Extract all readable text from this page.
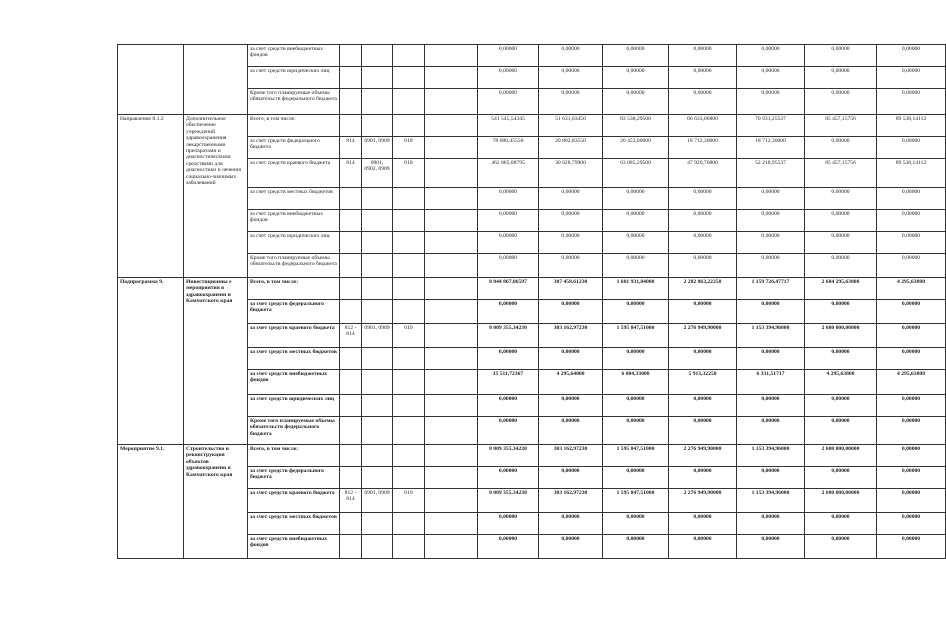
		за счет средств внебюджетных фондов					0,00000	0,00000	0,00000	0,00000	0,00000	0,00000	0,00000	
		за счет средств юридических лиц					0,00000	0,00000	0,00000	0,00000	0,00000	0,00000	0,00000	
		Кроме того планируемые объемы обязательств федерального бюджета					0,00000	0,00000	0,00000	0,00000	0,00000	0,00000	0,00000	
Направление 8.1.2	Дополнительное обеспечение учреждений здравоохранения лекарственными препаратами и диагностическими средствами для диагностики и лечения социально-значимых заболеваний	Всего, в том числе:					541 545,54345	51 631,63450	83 538,29500	66 633,06800	70 931,25537	85 457,15756	89 538,14112	
		за счет средств федерального бюджета	814	0901, 0909	018		78 680,45550	20 802,83550	20 453,00000	18 712,30000	18 712,30000	0,00000	0,00000	
		за счет средств краевого бюджета	814	0901, 0902, 0909	018		462 865,08795	30 828,79900	63 085,29500	47 920,76800	52 218,95537	85 457,15756	89 538,14112	
		за счет средств местных бюджетов					0,00000	0,00000	0,00000	0,00000	0,00000	0,00000	0,00000	
		за счет средств внебюджетных фондов					0,00000	0,00000	0,00000	0,00000	0,00000	0,00000	0,00000	
		за счет средств юридических лиц					0,00000	0,00000	0,00000	0,00000	0,00000	0,00000	0,00000	
		Кроме того планируемые объемы обязательств федерального бюджета					0,00000	0,00000	0,00000	0,00000	0,00000	0,00000	0,00000	
Подпрограмма 9.	Инвестиционны е мероприятия в здравоохранени и Камчатского края	Всего, в том числе:					8 044 867,06597	307 458,61230	1 601 931,84000	2 282 863,22250	1 159 726,47717	2 684 295,63800	4 295,63800	
		за счет средств федерального бюджета					0,00000	0,00000	0,00000	0,00000	0,00000	0,00000	0,00000	
		за счет средств краевого бюджета	812 - 814	0901, 0909	019		8 009 355,34230	303 162,97230	1 595 847,51000	2 276 949,90000	1 153 394,96000	2 680 000,00000	0,00000	
		за счет средств местных бюджетов					0,00000	0,00000	0,00000	0,00000	0,00000	0,00000	0,00000	
		за счет средств внебюджетных фондов					35 511,72367	4 295,64000	6 084,33000	5 913,32250	6 331,51717	4 295,63800	4 295,63800	
		за счет средств юридических лиц					0,00000	0,00000	0,00000	0,00000	0,00000	0,00000	0,00000	
		Кроме того планируемые объемы обязательств федерального бюджета					0,00000	0,00000	0,00000	0,00000	0,00000	0,00000	0,00000	
Мероприятие 9.1.	Строительство и реконструкция объектов здравоохранени я Камчатского края	Всего, в том числе:					8 009 355,34230	303 162,97230	1 595 847,51000	2 276 949,90000	1 153 394,96000	2 680 000,00000	0,00000	
		за счет средств федерального бюджета					0,00000	0,00000	0,00000	0,00000	0,00000	0,00000	0,00000	
		за счет средств краевого бюджета	812 - 814	0901, 0909	019		8 009 355,34230	303 162,97230	1 595 847,51000	2 276 949,90000	1 153 394,96000	2 680 000,00000	0,00000	
		за счет средств местных бюджетов					0,00000	0,00000	0,00000	0,00000	0,00000	0,00000	0,00000	
		за счет средств внебюджетных фондов					0,00000	0,00000	0,00000	0,00000	0,00000	0,00000	0,00000	
